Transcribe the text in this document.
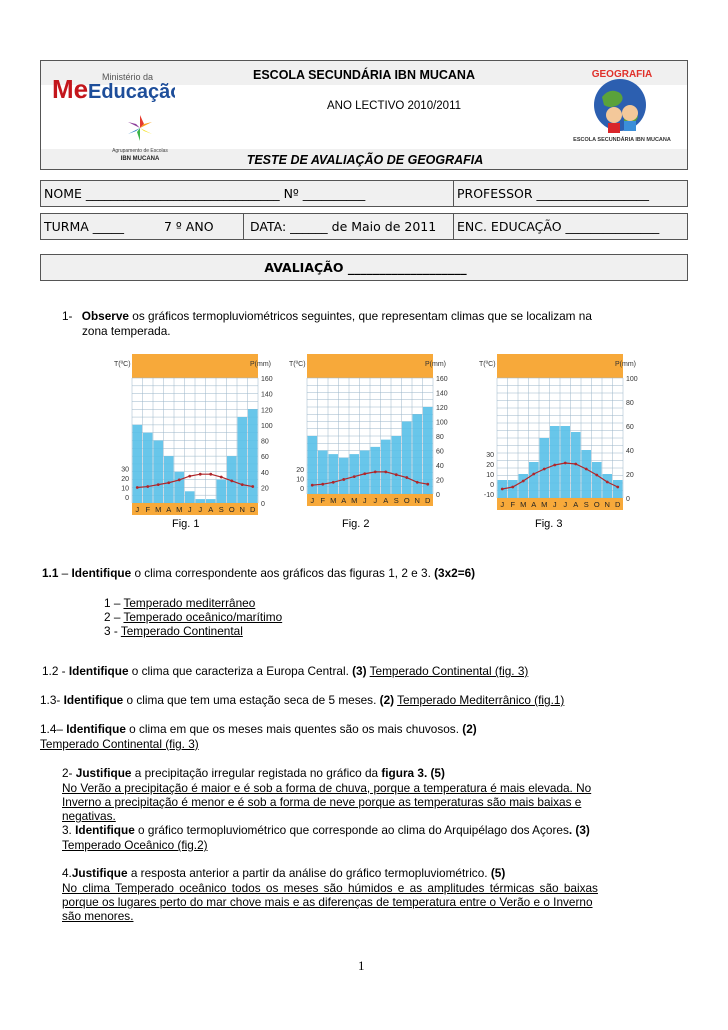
ESCOLA SECUNDÁRIA IBN MUCANA
ANO LECTIVO 2010/2011
TESTE DE AVALIAÇÃO DE GEOGRAFIA
Me Ministério da
Educação
Agrupamento de Escolas
IBN MUCANA
GEOGRAFIA
ESCOLA SECUNDÁRIA IBN MUCANA
NOME _______________________________ Nº __________	PROFESSOR __________________
TURMA _____	7 º ANO	DATA: ______ de Maio de 2011	ENC. EDUCAÇÃO _______________
AVALIAÇÃO ___________________
1- Observe os gráficos termopluviométricos seguintes, que representam climas que se localizam na
zona temperada.
T(ºC)	P(mm)
160
140
120
100
80
60
40
20
0
30
20
10
0
J F M A M J J A S O N D
T(ºC)	P(mm)
160
140
120
100
80
60
40
20
0
20
10
0
J F M A M J J A S O N D
T(ºC)	P(mm)
100
80
60
40
20
0
30
20
10
0
-10
J F M A M J J A S O N D
Fig. 1	Fig. 2	Fig. 3
1.1 – Identifique o clima correspondente aos gráficos das figuras 1, 2 e 3. (3x2=6)
1 – Temperado mediterrâneo
2 – Temperado oceânico/marítimo
3 - Temperado Continental
1.2 - Identifique o clima que caracteriza a Europa Central. (3) Temperado Continental (fig. 3)
1.3- Identifique o clima que tem uma estação seca de 5 meses. (2) Temperado Mediterrânico (fig.1)
1.4– Identifique o clima em que os meses mais quentes são os mais chuvosos. (2)
Temperado Continental (fig. 3)
2- Justifique a precipitação irregular registada no gráfico da figura 3. (5)
No Verão a precipitação é maior e é sob a forma de chuva, porque a temperatura é mais elevada. No
Inverno a precipitação é menor e é sob a forma de neve porque as temperaturas são mais baixas e
negativas.
3. Identifique o gráfico termopluviométrico que corresponde ao clima do Arquipélago dos Açores. (3)
Temperado Oceânico (fig.2)
4.Justifique a resposta anterior a partir da análise do gráfico termopluviométrico. (5)
No clima Temperado oceânico todos os meses são húmidos e as amplitudes térmicas são baixas
porque os lugares perto do mar chove mais e as diferenças de temperatura entre o Verão e o Inverno
são menores.
1
